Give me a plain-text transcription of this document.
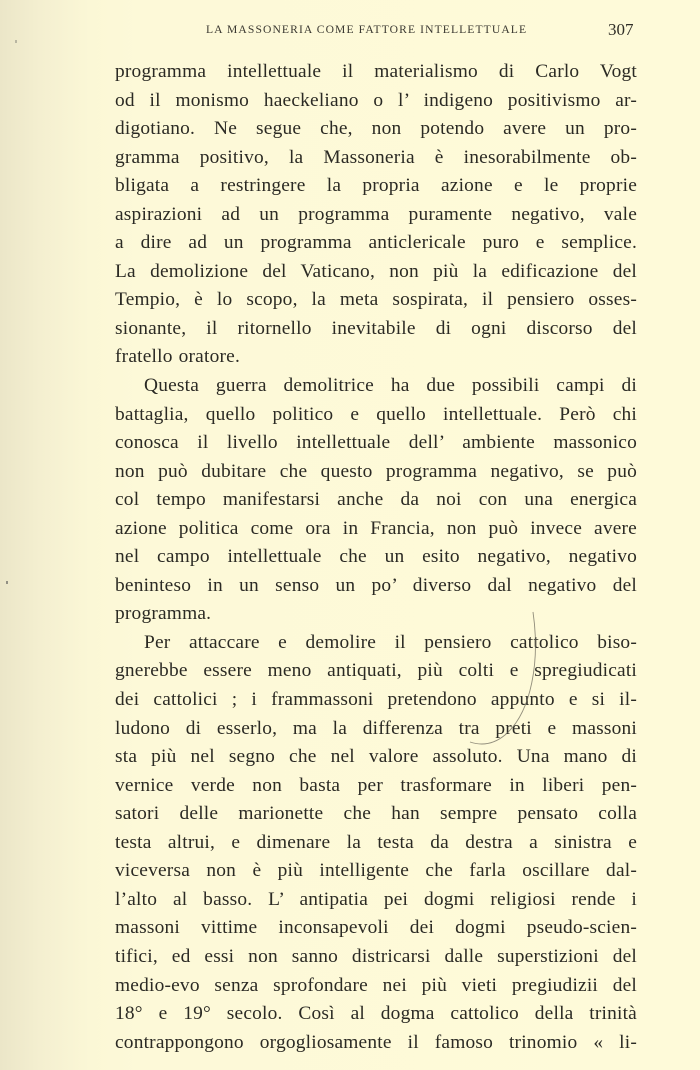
LA MASSONERIA COME FATTORE INTELLETTUALE	307
programma intellettuale il materialismo di Carlo Vogt
od il monismo haeckeliano o l’ indigeno positivismo ar-
digotiano. Ne segue che, non potendo avere un pro-
gramma positivo, la Massoneria è inesorabilmente ob-
bligata a restringere la propria azione e le proprie
aspirazioni ad un programma puramente negativo, vale
a dire ad un programma anticlericale puro e semplice.
La demolizione del Vaticano, non più la edificazione del
Tempio, è lo scopo, la meta sospirata, il pensiero osses-
sionante, il ritornello inevitabile di ogni discorso del
fratello oratore.
Questa guerra demolitrice ha due possibili campi di
battaglia, quello politico e quello intellettuale. Però chi
conosca il livello intellettuale dell’ ambiente massonico
non può dubitare che questo programma negativo, se può
col tempo manifestarsi anche da noi con una energica
azione politica come ora in Francia, non può invece avere
nel campo intellettuale che un esito negativo, negativo
beninteso in un senso un po’ diverso dal negativo del
programma.
Per attaccare e demolire il pensiero cattolico biso-
gnerebbe essere meno antiquati, più colti e spregiudicati
dei cattolici ; i frammassoni pretendono appunto e si il-
ludono di esserlo, ma la differenza tra preti e massoni
sta più nel segno che nel valore assoluto. Una mano di
vernice verde non basta per trasformare in liberi pen-
satori delle marionette che han sempre pensato colla
testa altrui, e dimenare la testa da destra a sinistra e
viceversa non è più intelligente che farla oscillare dal-
l’alto al basso. L’ antipatia pei dogmi religiosi rende i
massoni vittime inconsapevoli dei dogmi pseudo-scien-
tifici, ed essi non sanno districarsi dalle superstizioni del
medio-evo senza sprofondare nei più vieti pregiudizii del
18° e 19° secolo. Così al dogma cattolico della trinità
contrappongono orgogliosamente il famoso trinomio « li-
